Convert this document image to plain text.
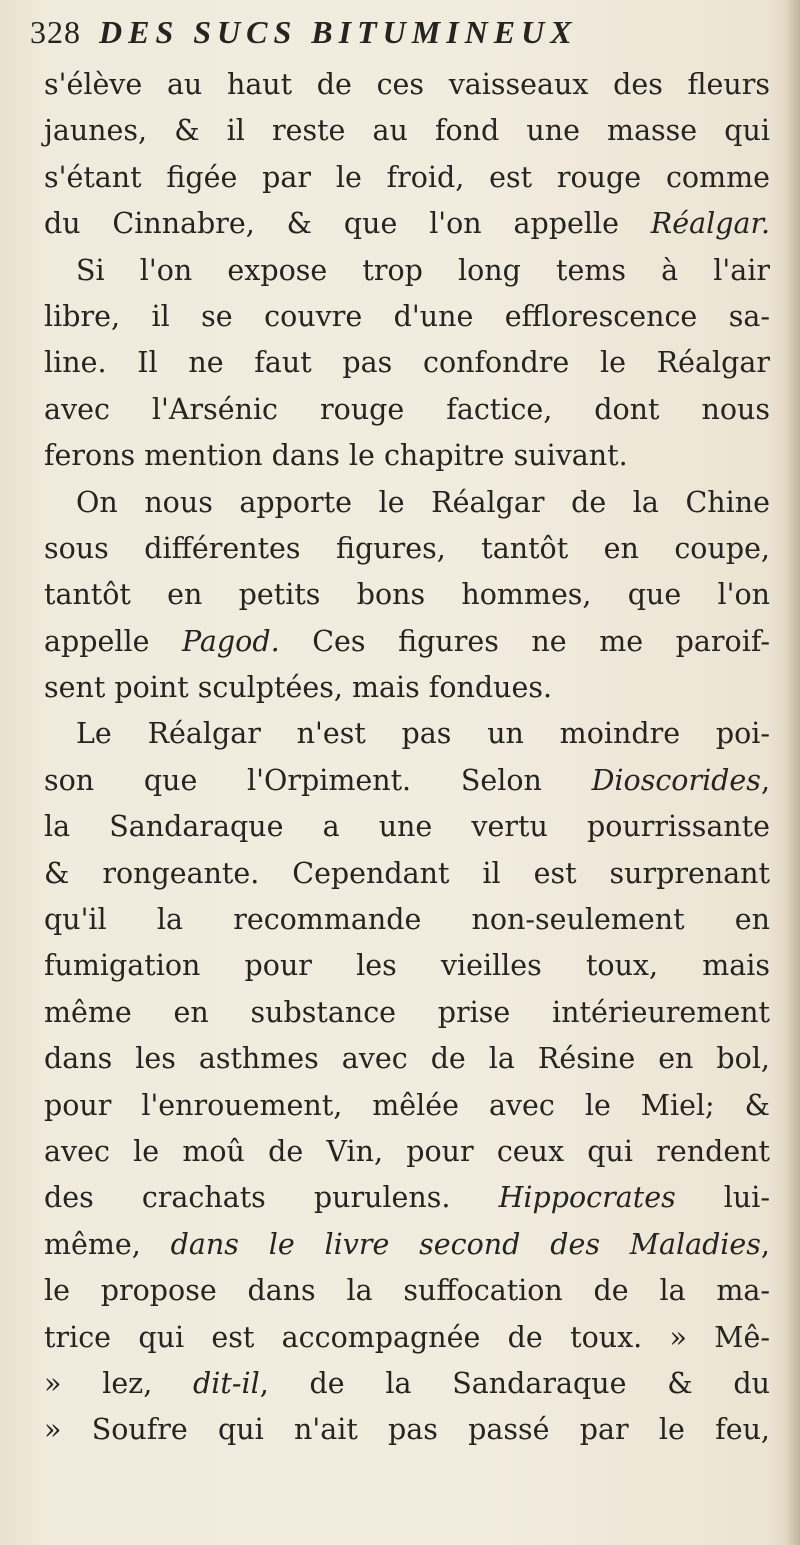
328 DES SUCS BITUMINEUX
s'élève au haut de ces vaisseaux des fleurs
jaunes, & il reste au fond une masse qui
s'étant figée par le froid, est rouge comme
du Cinnabre, & que l'on appelle Réalgar.
Si l'on expose trop long tems à l'air
libre, il se couvre d'une efflorescence sa-
line. Il ne faut pas confondre le Réalgar
avec l'Arsénic rouge factice, dont nous
ferons mention dans le chapitre suivant.
On nous apporte le Réalgar de la Chine
sous différentes figures, tantôt en coupe,
tantôt en petits bons hommes, que l'on
appelle Pagod. Ces figures ne me paroif-
sent point sculptées, mais fondues.
Le Réalgar n'est pas un moindre poi-
son que l'Orpiment. Selon Dioscorides,
la Sandaraque a une vertu pourrissante
& rongeante. Cependant il est surprenant
qu'il la recommande non-seulement en
fumigation pour les vieilles toux, mais
même en substance prise intérieurement
dans les asthmes avec de la Résine en bol,
pour l'enrouement, mêlée avec le Miel; &
avec le moû de Vin, pour ceux qui rendent
des crachats purulens. Hippocrates lui-
même, dans le livre second des Maladies,
le propose dans la suffocation de la ma-
trice qui est accompagnée de toux. » Mê-
» lez, dit-il, de la Sandaraque & du
» Soufre qui n'ait pas passé par le feu,
